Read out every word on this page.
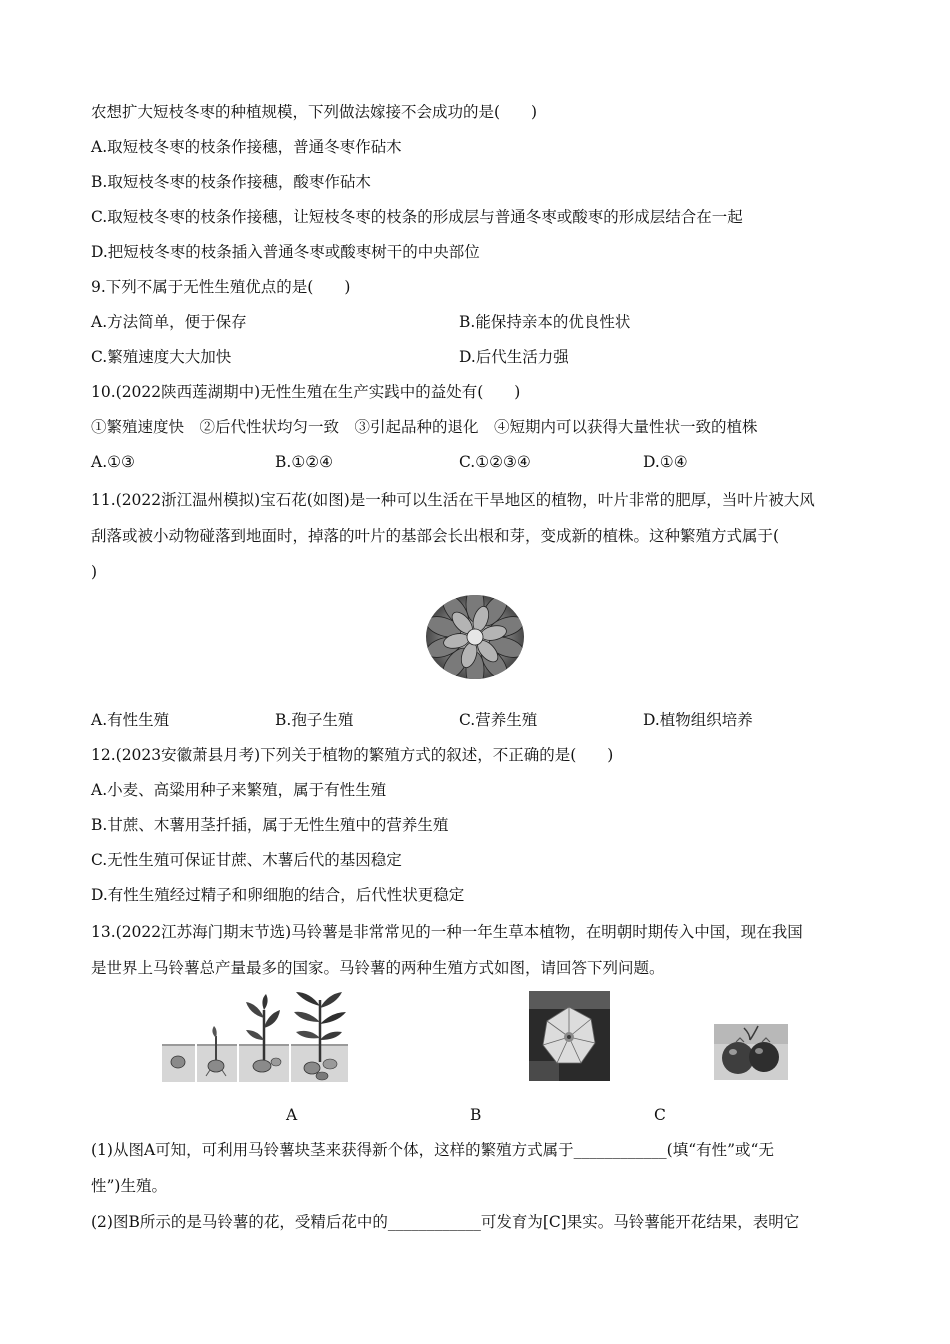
农想扩大短枝冬枣的种植规模，下列做法嫁接不会成功的是(　　)
A.取短枝冬枣的枝条作接穗，普通冬枣作砧木
B.取短枝冬枣的枝条作接穗，酸枣作砧木
C.取短枝冬枣的枝条作接穗，让短枝冬枣的枝条的形成层与普通冬枣或酸枣的形成层结合在一起
D.把短枝冬枣的枝条插入普通冬枣或酸枣树干的中央部位
9.下列不属于无性生殖优点的是(　　)
A.方法简单，便于保存	B.能保持亲本的优良性状
C.繁殖速度大大加快	D.后代生活力强
10.(2022陕西莲湖期中)无性生殖在生产实践中的益处有(　　)
①繁殖速度快　②后代性状均匀一致　③引起品种的退化　④短期内可以获得大量性状一致的植株
A.①③	B.①②④	C.①②③④	D.①④
11.(2022浙江温州模拟)宝石花(如图)是一种可以生活在干旱地区的植物，叶片非常的肥厚，当叶片被大风
刮落或被小动物碰落到地面时，掉落的叶片的基部会长出根和芽，变成新的植株。这种繁殖方式属于(
)
A.有性生殖	B.孢子生殖	C.营养生殖	D.植物组织培养
12.(2023安徽萧县月考)下列关于植物的繁殖方式的叙述，不正确的是(　　)
A.小麦、高粱用种子来繁殖，属于有性生殖
B.甘蔗、木薯用茎扦插，属于无性生殖中的营养生殖
C.无性生殖可保证甘蔗、木薯后代的基因稳定
D.有性生殖经过精子和卵细胞的结合，后代性状更稳定
13.(2022江苏海门期末节选)马铃薯是非常常见的一种一年生草本植物，在明朝时期传入中国，现在我国
是世界上马铃薯总产量最多的国家。马铃薯的两种生殖方式如图，请回答下列问题。
A	B	C
(1)从图A可知，可利用马铃薯块茎来获得新个体，这样的繁殖方式属于____________(填“有性”或“无
性”)生殖。
(2)图B所示的是马铃薯的花，受精后花中的____________可发育为[C]果实。马铃薯能开花结果，表明它
